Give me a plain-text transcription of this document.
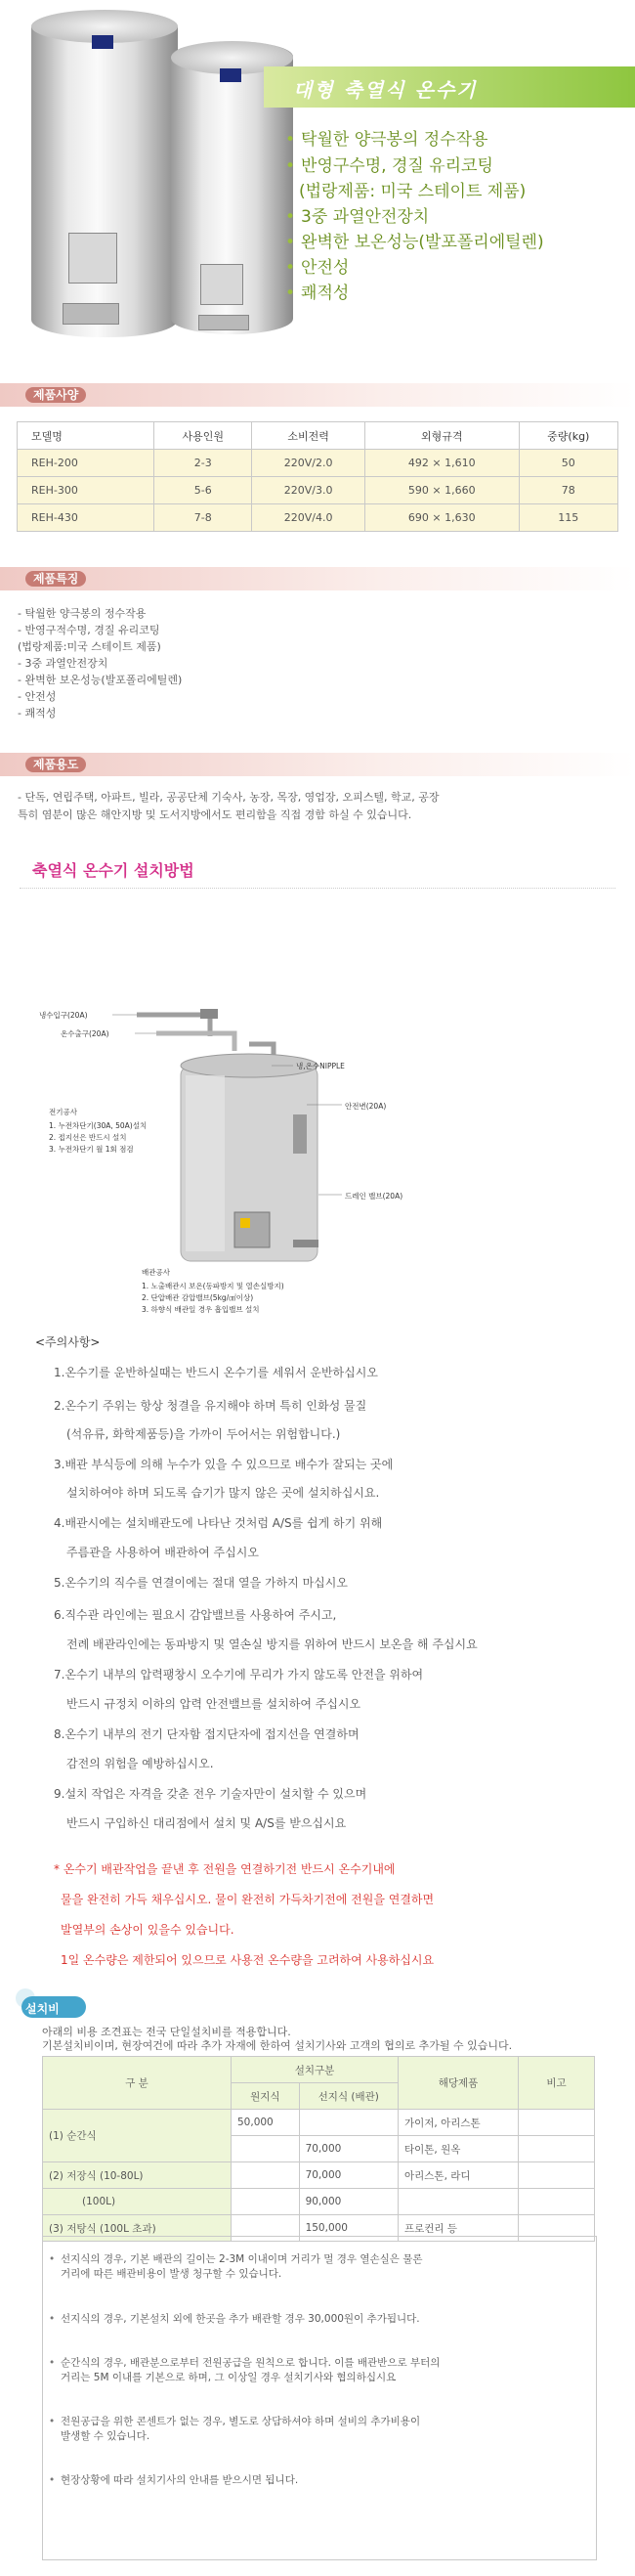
대형 축열식 온수기
• 탁월한 양극봉의 정수작용
• 반영구수명, 경질 유리코팅
(법랑제품: 미국 스테이트 제품)
• 3중 과열안전장치
• 완벽한 보온성능(발포폴리에틸렌)
• 안전성
• 쾌적성
제품사양
모델명	사용인원	소비전력	외형규격	중량(kg)
REH-200	2-3	220V/2.0	492 × 1,610	50
REH-300	5-6	220V/3.0	590 × 1,660	78
REH-430	7-8	220V/4.0	690 × 1,630	115
제품특징
- 탁월한 양극봉의 정수작용
- 반영구적수명, 경질 유리코팅
(법랑제품:미국 스테이트 제품)
- 3중 과열안전장치
- 완벽한 보온성능(발포폴리에틸렌)
- 안전성
- 쾌적성
제품용도
- 단독, 연립주택, 아파트, 빌라, 공공단체 기숙사, 농장, 목장, 영업장, 오피스텔, 학교, 공장
특히 염분이 많은 해안지방 및 도서지방에서도 편리함을 직접 경함 하실 수 있습니다.
축열식 온수기 설치방법
냉수입구(20A)
온수출구(20A)
냉,온수NIPPLE
안전변(20A)
드레인 밸브(20A)
전기공사
1. 누전차단기(30A, 50A)설치
2. 접지선은 반드시 설치
3. 누전차단기 월 1회 점검
배관공사
1. 노출배관시 보온(동파방지 및 열손실방지)
2. 단압배관 감압밸브(5kg/㎠이상)
3. 하향식 배관일 경우 흡입밸브 설치
<주의사항>
1.온수기를 운반하실때는 반드시 온수기를 세워서 운반하십시오
2.온수기 주위는 항상 청결을 유지해야 하며 특히 인화성 물질
(석유류, 화학제품등)을 가까이 두어서는 위험합니다.)
3.배관 부식등에 의해 누수가 있을 수 있으므로 배수가 잘되는 곳에
설치하여야 하며 되도록 습기가 많지 않은 곳에 설치하십시요.
4.배관시에는 설치배관도에 나타난 것처럼 A/S를 쉽게 하기 위해
주름관을 사용하여 배관하여 주십시오
5.온수기의 직수를 연결이에는 절대 열을 가하지 마십시오
6.직수관 라인에는 필요시 감압밸브를 사용하여 주시고,
전례 배관라인에는 동파방지 및 열손실 방지를 위하여 반드시 보온을 해 주십시요
7.온수기 내부의 압력팽창시 오수기에 무리가 가지 않도록 안전을 위하여
반드시 규정치 이하의 압력 안전밸브를 설치하여 주십시오
8.온수기 내부의 전기 단자함 접지단자에 접지선을 연결하며
감전의 위험을 예방하십시오.
9.설치 작업은 자격을 갖춘 전우 기술자만이 설치할 수 있으며
반드시 구입하신 대리점에서 설치 및 A/S를 받으십시요
* 온수기 배관작업을 끝낸 후 전원을 연결하기전 반드시 온수기내에
물을 완전히 가득 채우십시오. 물이 완전히 가득차기전에 전원을 연결하면
발열부의 손상이 있을수 있습니다.
1일 온수량은 제한되어 있으므로 사용전 온수량을 고려하여 사용하십시요
설치비
아래의 비용 조견표는 전국 단일설치비를 적용합니다.
기본설치비이며, 현장여건에 따라 추가 자재에 한하여 설치기사와 고객의 협의로 추가될 수 있습니다.
구 분	설치구분		해당제품	비고
	원지식	선지식 (배관)		
(1) 순간식	50,000		가이저, 아리스톤	
		70,000	타이톤, 원옥	
(2) 저장식 (10-80L)		70,000	아리스톤, 라디	
(100L)		90,000		
(3) 저탕식 (100L 초과)		150,000	프로컨리 등	
• 선지식의 경우, 기본 배관의 길이는 2-3M 이내이며 거리가 멀 경우 열손실은 물론
거리에 따른 배관비용이 발생 청구할 수 있습니다.
• 선지식의 경우, 기본설치 외에 한곳을 추가 배관할 경우 30,000원이 추가됩니다.
• 순간식의 경우, 배관분으로부터 전원공급을 원칙으로 합니다. 이를 배관반으로 부터의
거리는 5M 이내를 기본으로 하며, 그 이상일 경우 설치기사와 협의하십시요
• 전원공급을 위한 콘센트가 없는 경우, 별도로 상담하셔야 하며 설비의 추가비용이
발생할 수 있습니다.
• 현장상황에 따라 설치기사의 안내를 받으시면 됩니다.
